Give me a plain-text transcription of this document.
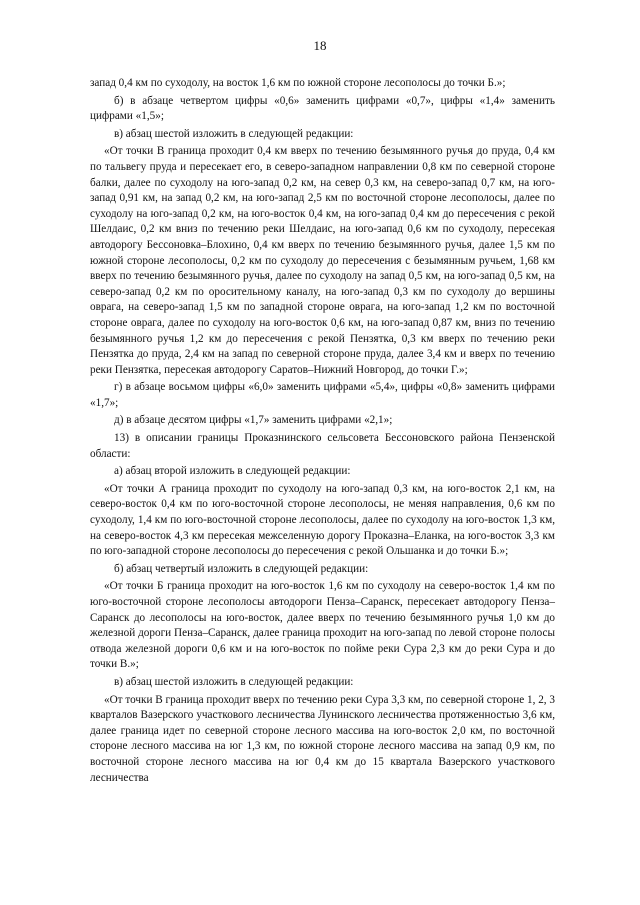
18

запад 0,4 км по суходолу, на восток 1,6 км по южной стороне лесополосы до точки Б.»;

б) в абзаце четвертом цифры «0,6» заменить цифрами «0,7», цифры «1,4» заменить цифрами «1,5»;

в) абзац шестой изложить в следующей редакции:

«От точки В граница проходит 0,4 км вверх по течению безымянного ручья до пруда, 0,4 км по тальвегу пруда и пересекает его, в северо-западном направлении 0,8 км по северной стороне балки, далее по суходолу на юго-запад 0,2 км, на север 0,3 км, на северо-запад 0,7 км, на юго-запад 0,91 км, на запад 0,2 км, на юго-запад 2,5 км по восточной стороне лесополосы, далее по суходолу на юго-запад 0,2 км, на юго-восток 0,4 км, на юго-запад 0,4 км до пересечения с рекой Шелдаис, 0,2 км вниз по течению реки Шелдаис, на юго-запад 0,6 км по суходолу, пересекая автодорогу Бессоновка–Блохино, 0,4 км вверх по течению безымянного ручья, далее 1,5 км по южной стороне лесополосы, 0,2 км по суходолу до пересечения с безымянным ручьем, 1,68 км вверх по течению безымянного ручья, далее по суходолу на запад 0,5 км, на юго-запад 0,5 км, на северо-запад 0,2 км по оросительному каналу, на юго-запад 0,3 км по суходолу до вершины оврага, на северо-запад 1,5 км по западной стороне оврага, на юго-запад 1,2 км по восточной стороне оврага, далее по суходолу на юго-восток 0,6 км, на юго-запад 0,87 км, вниз по течению безымянного ручья 1,2 км до пересечения с рекой Пензятка, 0,3 км вверх по течению реки Пензятка до пруда, 2,4 км на запад по северной стороне пруда, далее 3,4 км и вверх по течению реки Пензятка, пересекая автодорогу Саратов–Нижний Новгород, до точки Г.»;

г) в абзаце восьмом цифры «6,0» заменить цифрами «5,4», цифры «0,8» заменить цифрами «1,7»;

д) в абзаце десятом цифры «1,7» заменить цифрами «2,1»;

13) в описании границы Проказнинского сельсовета Бессоновского района Пензенской области:

а) абзац второй изложить в следующей редакции:

«От точки А граница проходит по суходолу на юго-запад 0,3 км, на юго-восток 2,1 км, на северо-восток 0,4 км по юго-восточной стороне лесополосы, не меняя направления, 0,6 км по суходолу, 1,4 км по юго-восточной стороне лесополосы, далее по суходолу на юго-восток 1,3 км, на северо-восток 4,3 км пересекая межселенную дорогу Проказна–Еланка, на юго-восток 3,3 км по юго-западной стороне лесополосы до пересечения с рекой Ольшанка и до точки Б.»;

б) абзац четвертый изложить в следующей редакции:

«От точки Б граница проходит на юго-восток 1,6 км по суходолу на северо-восток 1,4 км по юго-восточной стороне лесополосы автодороги Пенза–Саранск, пересекает автодорогу Пенза–Саранск до лесополосы на юго-восток, далее вверх по течению безымянного ручья 1,0 км до железной дороги Пенза–Саранск, далее граница проходит на юго-запад по левой стороне полосы отвода железной дороги 0,6 км и на юго-восток по пойме реки Сура 2,3 км до реки Сура и до точки В.»;

в) абзац шестой изложить в следующей редакции:

«От точки В граница проходит вверх по течению реки Сура 3,3 км, по северной стороне 1, 2, 3 кварталов Вазерского участкового лесничества Лунинского лесничества протяженностью 3,6 км, далее граница идет по северной стороне лесного массива на юго-восток 2,0 км, по восточной стороне лесного массива на юг 1,3 км, по южной стороне лесного массива на запад 0,9 км, по восточной стороне лесного массива на юг 0,4 км до 15 квартала Вазерского участкового лесничества
